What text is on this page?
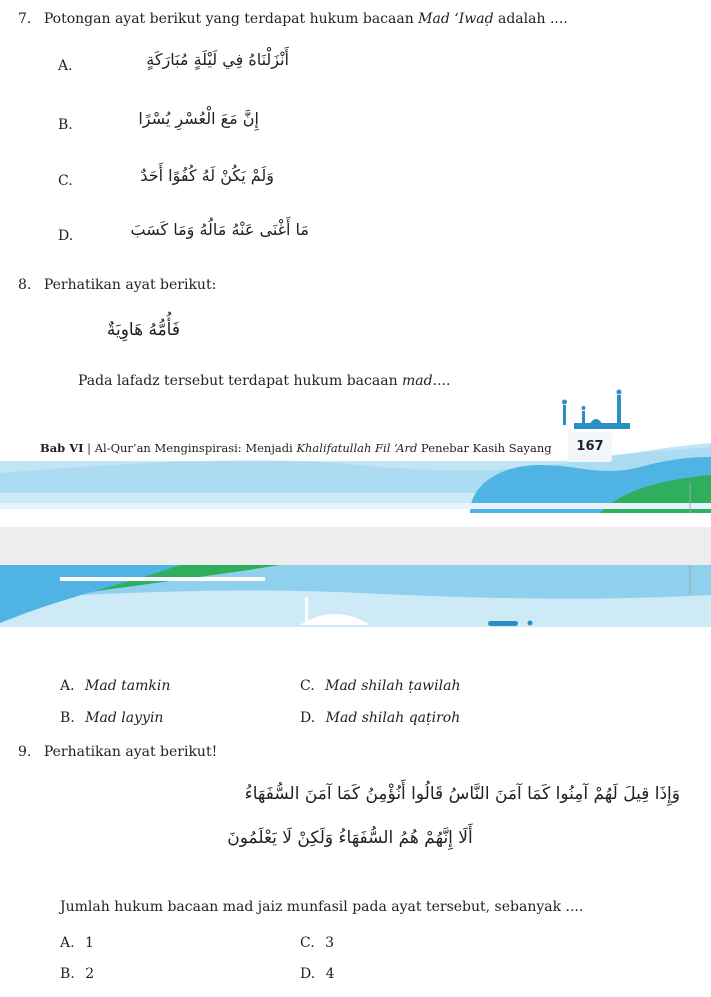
7. Potongan ayat berikut yang terdapat hukum bacaan Mad ‘Iwaḍ adalah ....
A.	أَنْزَلْنَاهُ فِي لَيْلَةٍ مُبَارَكَةٍ
B.	إِنَّ مَعَ الْعُسْرِ يُسْرًا
C.	وَلَمْ يَكُنْ لَهُ كُفُوًا أَحَدٌ
D.	مَا أَغْنَى عَنْهُ مَالُهُ وَمَا كَسَبَ
8. Perhatikan ayat berikut:
فَأُمُّهُ هَاوِيَةٌ
Pada lafadz tersebut terdapat hukum bacaan mad....
Bab VI | Al-Qur’an Menginspirasi: Menjadi Khalifatullah Fil ‘Ard Penebar Kasih Sayang	167
A. Mad tamkin	C. Mad shilah ṭawilah
B. Mad layyin	D. Mad shilah qaṭiroh
9. Perhatikan ayat berikut!
وَإِذَا قِيلَ لَهُمْ آمِنُوا كَمَا آمَنَ النَّاسُ قَالُوا أَنُؤْمِنُ كَمَا آمَنَ السُّفَهَاءُ
أَلَا إِنَّهُمْ هُمُ السُّفَهَاءُ وَلَكِنْ لَا يَعْلَمُونَ
Jumlah hukum bacaan mad jaiz munfasil pada ayat tersebut, sebanyak ....
A. 1	C. 3
B. 2	D. 4
